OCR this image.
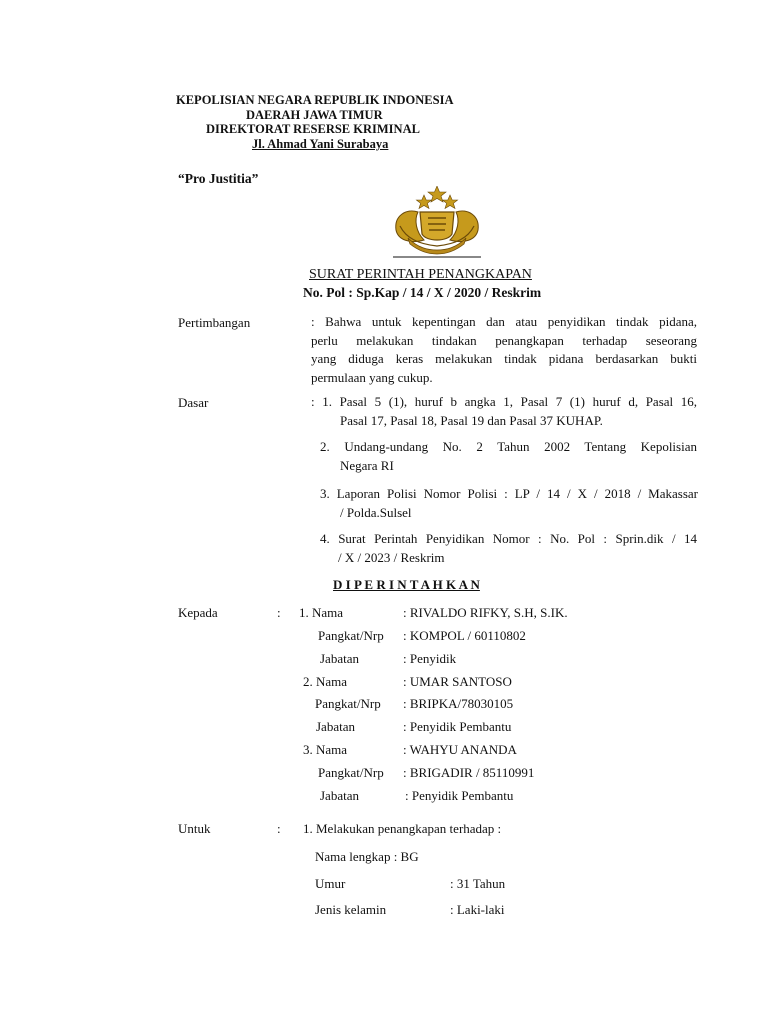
KEPOLISIAN NEGARA REPUBLIK INDONESIA
DAERAH JAWA TIMUR
DIREKTORAT RESERSE KRIMINAL
Jl. Ahmad Yani Surabaya
“Pro Justitia”
SURAT PERINTAH PENANGKAPAN
No. Pol : Sp.Kap / 14 / X / 2020 / Reskrim
Pertimbangan	: Bahwa untuk kepentingan dan atau penyidikan tindak pidana,
perlu melakukan tindakan penangkapan terhadap seseorang
yang diduga keras melakukan tindak pidana berdasarkan bukti
permulaan yang cukup.
Dasar	: 1. Pasal 5 (1), huruf b angka 1, Pasal 7 (1) huruf d, Pasal 16,
Pasal 17, Pasal 18, Pasal 19 dan Pasal 37 KUHAP.
2. Undang-undang No. 2 Tahun 2002 Tentang Kepolisian
Negara RI
3. Laporan Polisi Nomor Polisi : LP / 14 / X / 2018 / Makassar
/ Polda.Sulsel
4. Surat Perintah Penyidikan Nomor : No. Pol : Sprin.dik / 14
/ X / 2023 / Reskrim
D I P E R I N T A H K A N
Kepada	: 1. Nama	: RIVALDO RIFKY, S.H, S.IK.
Pangkat/Nrp : KOMPOL / 60110802
Jabatan	: Penyidik
2. Nama	: UMAR SANTOSO
Pangkat/Nrp : BRIPKA/78030105
Jabatan	: Penyidik Pembantu
3. Nama	: WAHYU ANANDA
Pangkat/Nrp : BRIGADIR / 85110991
Jabatan	: Penyidik Pembantu
Untuk	: 1. Melakukan penangkapan terhadap :
Nama lengkap : BG
Umur	: 31 Tahun
Jenis kelamin	: Laki-laki
